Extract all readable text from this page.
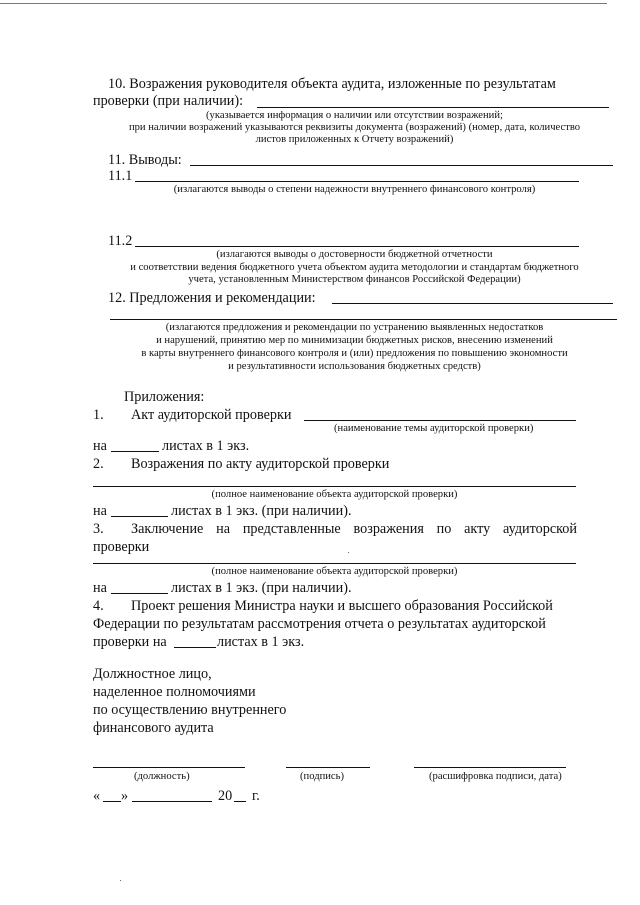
10. Возражения руководителя объекта аудита, изложенные по результатам
проверки (при наличии):
(указывается информация о наличии или отсутствии возражений;
при наличии возражений указываются реквизиты документа (возражений) (номер, дата, количество
листов приложенных к Отчету возражений)
11. Выводы:
11.1
(излагаются выводы о степени надежности внутреннего финансового контроля)
11.2
(излагаются выводы о достоверности бюджетной отчетности
и соответствии ведения бюджетного учета объектом аудита методологии и стандартам бюджетного
учета, установленным Министерством финансов Российской Федерации)
12. Предложения и рекомендации:
(излагаются предложения и рекомендации по устранению выявленных недостатков
и нарушений, принятию мер по минимизации бюджетных рисков, внесению изменений
в карты внутреннего финансового контроля и (или) предложения по повышению экономности
и результативности использования бюджетных средств)
Приложения:
1. Акт аудиторской проверки
(наименование темы аудиторской проверки)
на	листах в 1 экз.
2. Возражения по акту аудиторской проверки
(полное наименование объекта аудиторской проверки)
на	листах в 1 экз. (при наличии).
3. Заключение на представленные возражения по акту аудиторской
проверки
(полное наименование объекта аудиторской проверки)
на	листах в 1 экз. (при наличии).
4. Проект решения Министра науки и высшего образования Российской
Федерации по результатам рассмотрения отчета о результатах аудиторской
проверки на	листах в 1 экз.
Должностное лицо,
наделенное полномочиями
по осуществлению внутреннего
финансового аудита
(должность)	(подпись)	(расшифровка подписи, дата)
« »	20 г.
